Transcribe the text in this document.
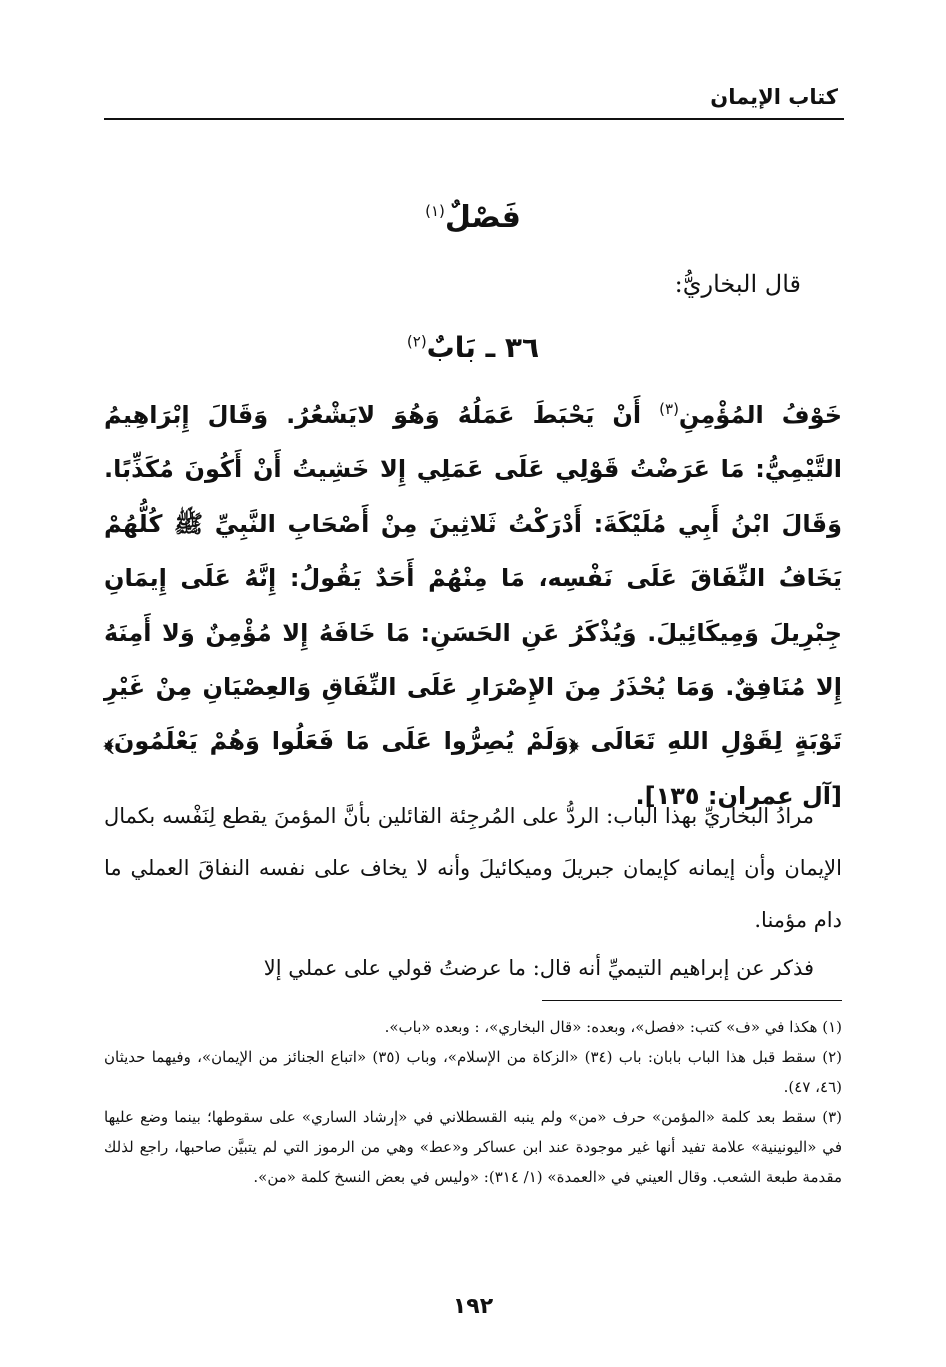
كتاب الإيمان
فَصْلٌ$^{(١)}$
قال البخاريُّ:
٣٦ ـ بَابٌ$^{(٢)}$
خَوْفُ المُؤْمِنِ$^{(٣)}$ أَنْ يَحْبَطَ عَمَلُهُ وَهُوَ لايَشْعُرُ. وَقَالَ إِبْرَاهِيمُ التَّيْمِيُّ: مَا عَرَضْتُ قَوْلِي عَلَى عَمَلِي إِلا خَشِيتُ أَنْ أَكُونَ مُكَذِّبًا. وَقَالَ ابْنُ أَبِي مُلَيْكَةَ: أَدْرَكْتُ ثَلاثِينَ مِنْ أَصْحَابِ النَّبِيِّ ﷺ كُلُّهُمْ يَخَافُ النِّفَاقَ عَلَى نَفْسِه، مَا مِنْهُمْ أَحَدٌ يَقُولُ: إِنَّهُ عَلَى إِيمَانِ جِبْرِيلَ وَمِيكَائِيلَ. وَيُذْكَرُ عَنِ الحَسَنِ: مَا خَافَهُ إِلا مُؤْمِنٌ وَلا أَمِنَهُ إِلا مُنَافِقٌ. وَمَا يُحْذَرُ مِنَ الإِصْرَارِ عَلَى النِّفَاقِ وَالعِصْيَانِ مِنْ غَيْرِ تَوْبَةٍ لِقَوْلِ اللهِ تَعَالَى ﴿وَلَمْ يُصِرُّوا عَلَى مَا فَعَلُوا وَهُمْ يَعْلَمُونَ﴾ [آل عمران: ١٣٥].
مرادُ البخاريِّ بهذا الباب: الردُّ على المُرجِئة القائلين بأنَّ المؤمنَ يقطع لِنَفْسه بكمال الإيمان وأن إيمانه كإيمان جبريلَ وميكائيلَ وأنه لا يخاف على نفسه النفاقَ العملي ما دام مؤمنا.
فذكر عن إبراهيم التيميِّ أنه قال: ما عرضتُ قولي على عملي إلا

(١) هكذا في «ف» كتب: «فصل»، وبعده: «قال البخاري»، : وبعده «باب».

(٢) سقط قبل هذا الباب بابان: باب (٣٤) «الزكاة من الإسلام»، وباب (٣٥) «اتباع الجنائز من الإيمان»، وفيهما حديثان (٤٦، ٤٧).

(٣) سقط بعد كلمة «المؤمن» حرف «من» ولم ينبه القسطلاني في «إرشاد الساري» على سقوطها؛ بينما وضع عليها في «اليونينية» علامة تفيد أنها غير موجودة عند ابن عساكر و«عط» وهي من الرموز التي لم يتبيَّن صاحبها، راجع لذلك مقدمة طبعة الشعب. وقال العيني في «العمدة» (١/ ٣١٤): «وليس في بعض النسخ كلمة «من».

١٩٢
